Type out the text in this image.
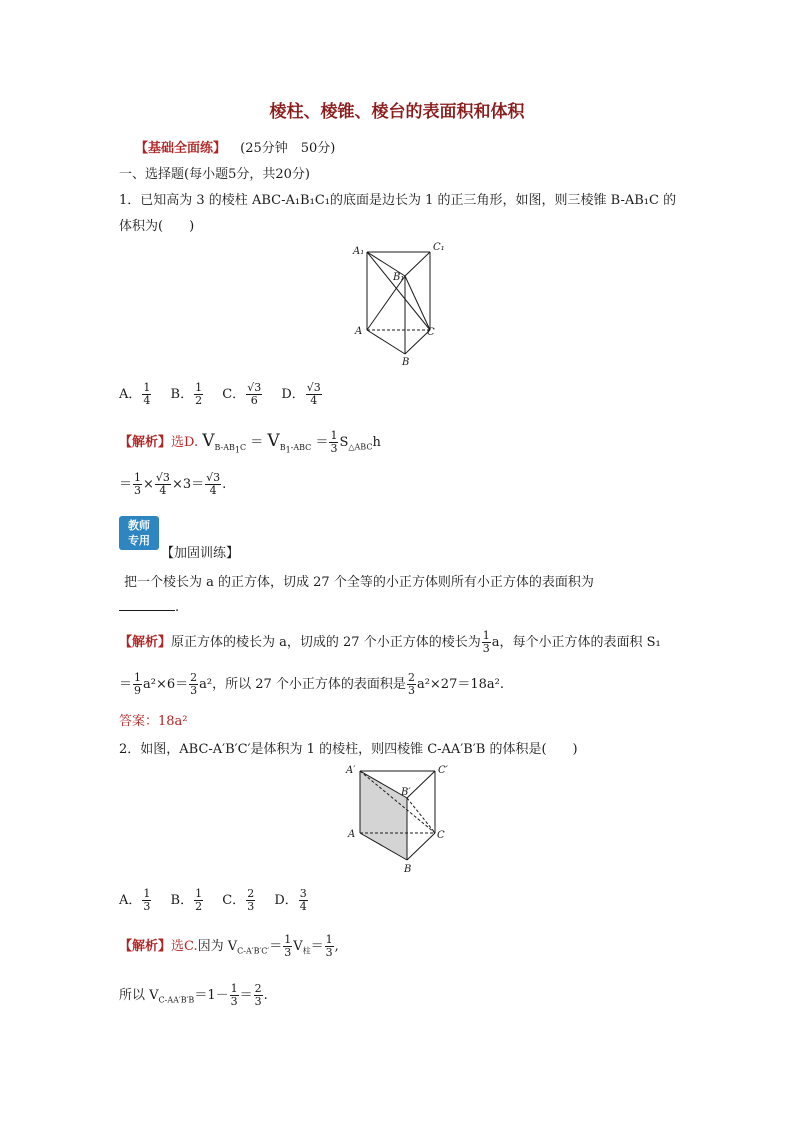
棱柱、棱锥、棱台的表面积和体积
【基础全面练】 (25分钟　50分)
一、选择题(每小题5分，共20分)
1．已知高为 3 的棱柱 ABC-A₁B₁C₁的底面是边长为 1 的正三角形，如图，则三棱锥 B-AB₁C 的
体积为(　　)
A₁	C₁
B₁
A	C
B
A． $\frac{1}{4}$ B． $\frac{1}{2}$ C． $\frac{√3}{6}$ D． $\frac{√3}{4}$
【解析】选D. $V_{B-AB_1C} = V_{B_1-ABC} = \frac{1}{3} S_{\triangle ABC}h$
＝ $\frac{1}{3} \times \frac{√3}{4} \times 3= \frac{√3}{4}$ .
教师
专用
【加固训练】
把一个棱长为 a 的正方体，切成 27 个全等的小正方体则所有小正方体的表面积为
.
【解析】原正方体的棱长为 a，切成的 27 个小正方体的棱长为 $\frac{1}{3}$ a，每个小正方体的表面积 S₁
＝ $\frac{1}{9} a^2\times 6= \frac{2}{3} a^2$，所以 27 个小正方体的表面积是 $\frac{2}{3} a^2\times 27=18a^2$.
答案：18a²
2．如图，ABC-A′B′C′是体积为 1 的棱柱，则四棱锥 C-AA′B′B 的体积是(　　)
A′	C′
B′
A	C
B
A． $\frac{1}{3}$ B． $\frac{1}{2}$ C． $\frac{2}{3}$ D． $\frac{3}{4}$
【解析】选C.因为 $V_{C-A'B'C'}= \frac{1}{3} V_柱= \frac{1}{3}$ ,
所以 $V_{C-AA'B'B}=1- \frac{1}{3} = \frac{2}{3}$ .
